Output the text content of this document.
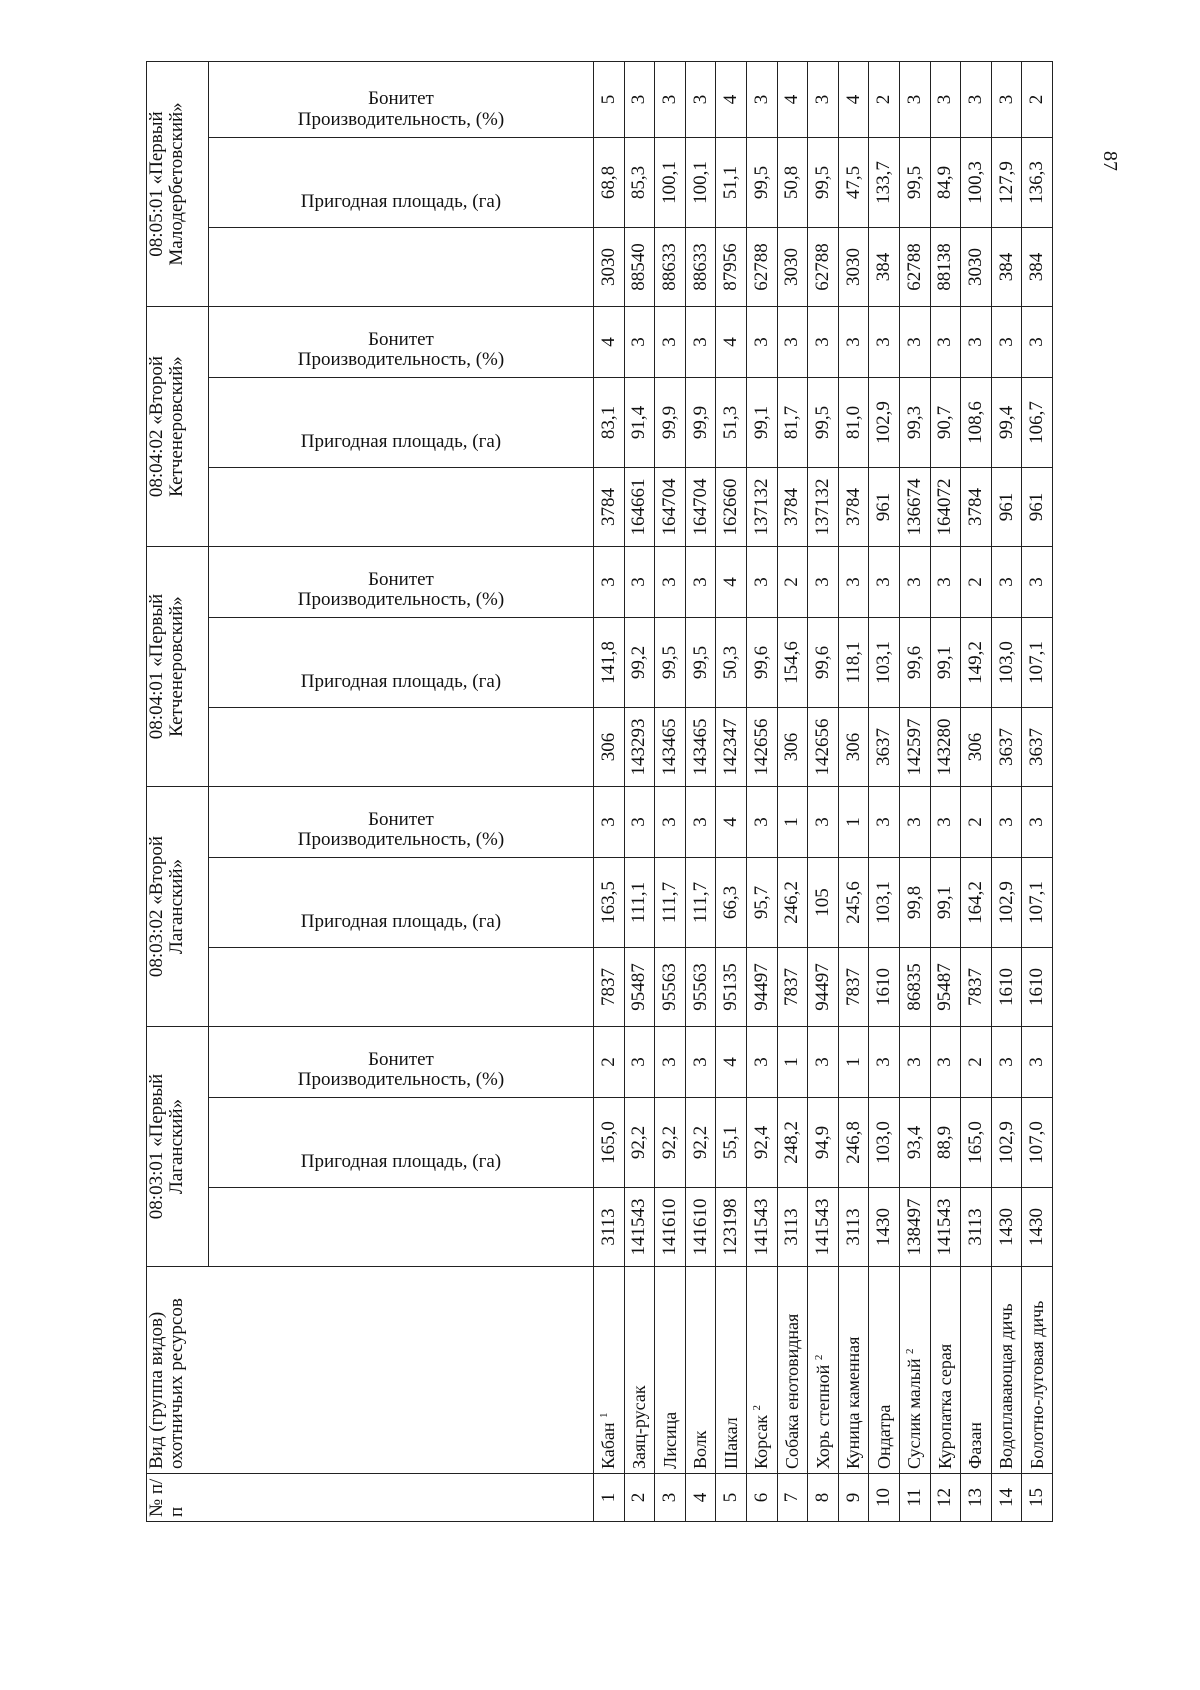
87
№ п/п	Вид (группа видов) охотничьих ресурсов	08:03:01 «Первый Лаганский»			08:03:02 «Второй Лаганский»			08:04:01 «Первый Кетченеровский»			08:04:02 «Второй Кетченеровский»			08:05:01 «Первый Малодербетовский»		
		Пригодная площадь, (га)	Производительность, (%)	Бонитет	Пригодная площадь, (га)	Производительность, (%)	Бонитет	Пригодная площадь, (га)	Производительность, (%)	Бонитет	Пригодная площадь, (га)	Производительность, (%)	Бонитет	Пригодная площадь, (га)	Производительность, (%)	Бонитет
1	Кабан $^1$	3113	165,0	2	7837	163,5	3	306	141,8	3	3784	83,1	4	3030	68,8	5
2	Заяц-русак	141543	92,2	3	95487	111,1	3	143293	99,2	3	164661	91,4	3	88540	85,3	3
3	Лисица	141610	92,2	3	95563	111,7	3	143465	99,5	3	164704	99,9	3	88633	100,1	3
4	Волк	141610	92,2	3	95563	111,7	3	143465	99,5	3	164704	99,9	3	88633	100,1	3
5	Шакал	123198	55,1	4	95135	66,3	4	142347	50,3	4	162660	51,3	4	87956	51,1	4
6	Корсак $^2$	141543	92,4	3	94497	95,7	3	142656	99,6	3	137132	99,1	3	62788	99,5	3
7	Собака енотовидная	3113	248,2	1	7837	246,2	1	306	154,6	2	3784	81,7	3	3030	50,8	4
8	Хорь степной $^2$	141543	94,9	3	94497	105	3	142656	99,6	3	137132	99,5	3	62788	99,5	3
9	Куница каменная	3113	246,8	1	7837	245,6	1	306	118,1	3	3784	81,0	3	3030	47,5	4
10	Ондатра	1430	103,0	3	1610	103,1	3	3637	103,1	3	961	102,9	3	384	133,7	2
11	Суслик малый $^2$	138497	93,4	3	86835	99,8	3	142597	99,6	3	136674	99,3	3	62788	99,5	3
12	Куропатка серая	141543	88,9	3	95487	99,1	3	143280	99,1	3	164072	90,7	3	88138	84,9	3
13	Фазан	3113	165,0	2	7837	164,2	2	306	149,2	2	3784	108,6	3	3030	100,3	3
14	Водоплавающая дичь	1430	102,9	3	1610	102,9	3	3637	103,0	3	961	99,4	3	384	127,9	3
15	Болотно-луговая дичь	1430	107,0	3	1610	107,1	3	3637	107,1	3	961	106,7	3	384	136,3	2
